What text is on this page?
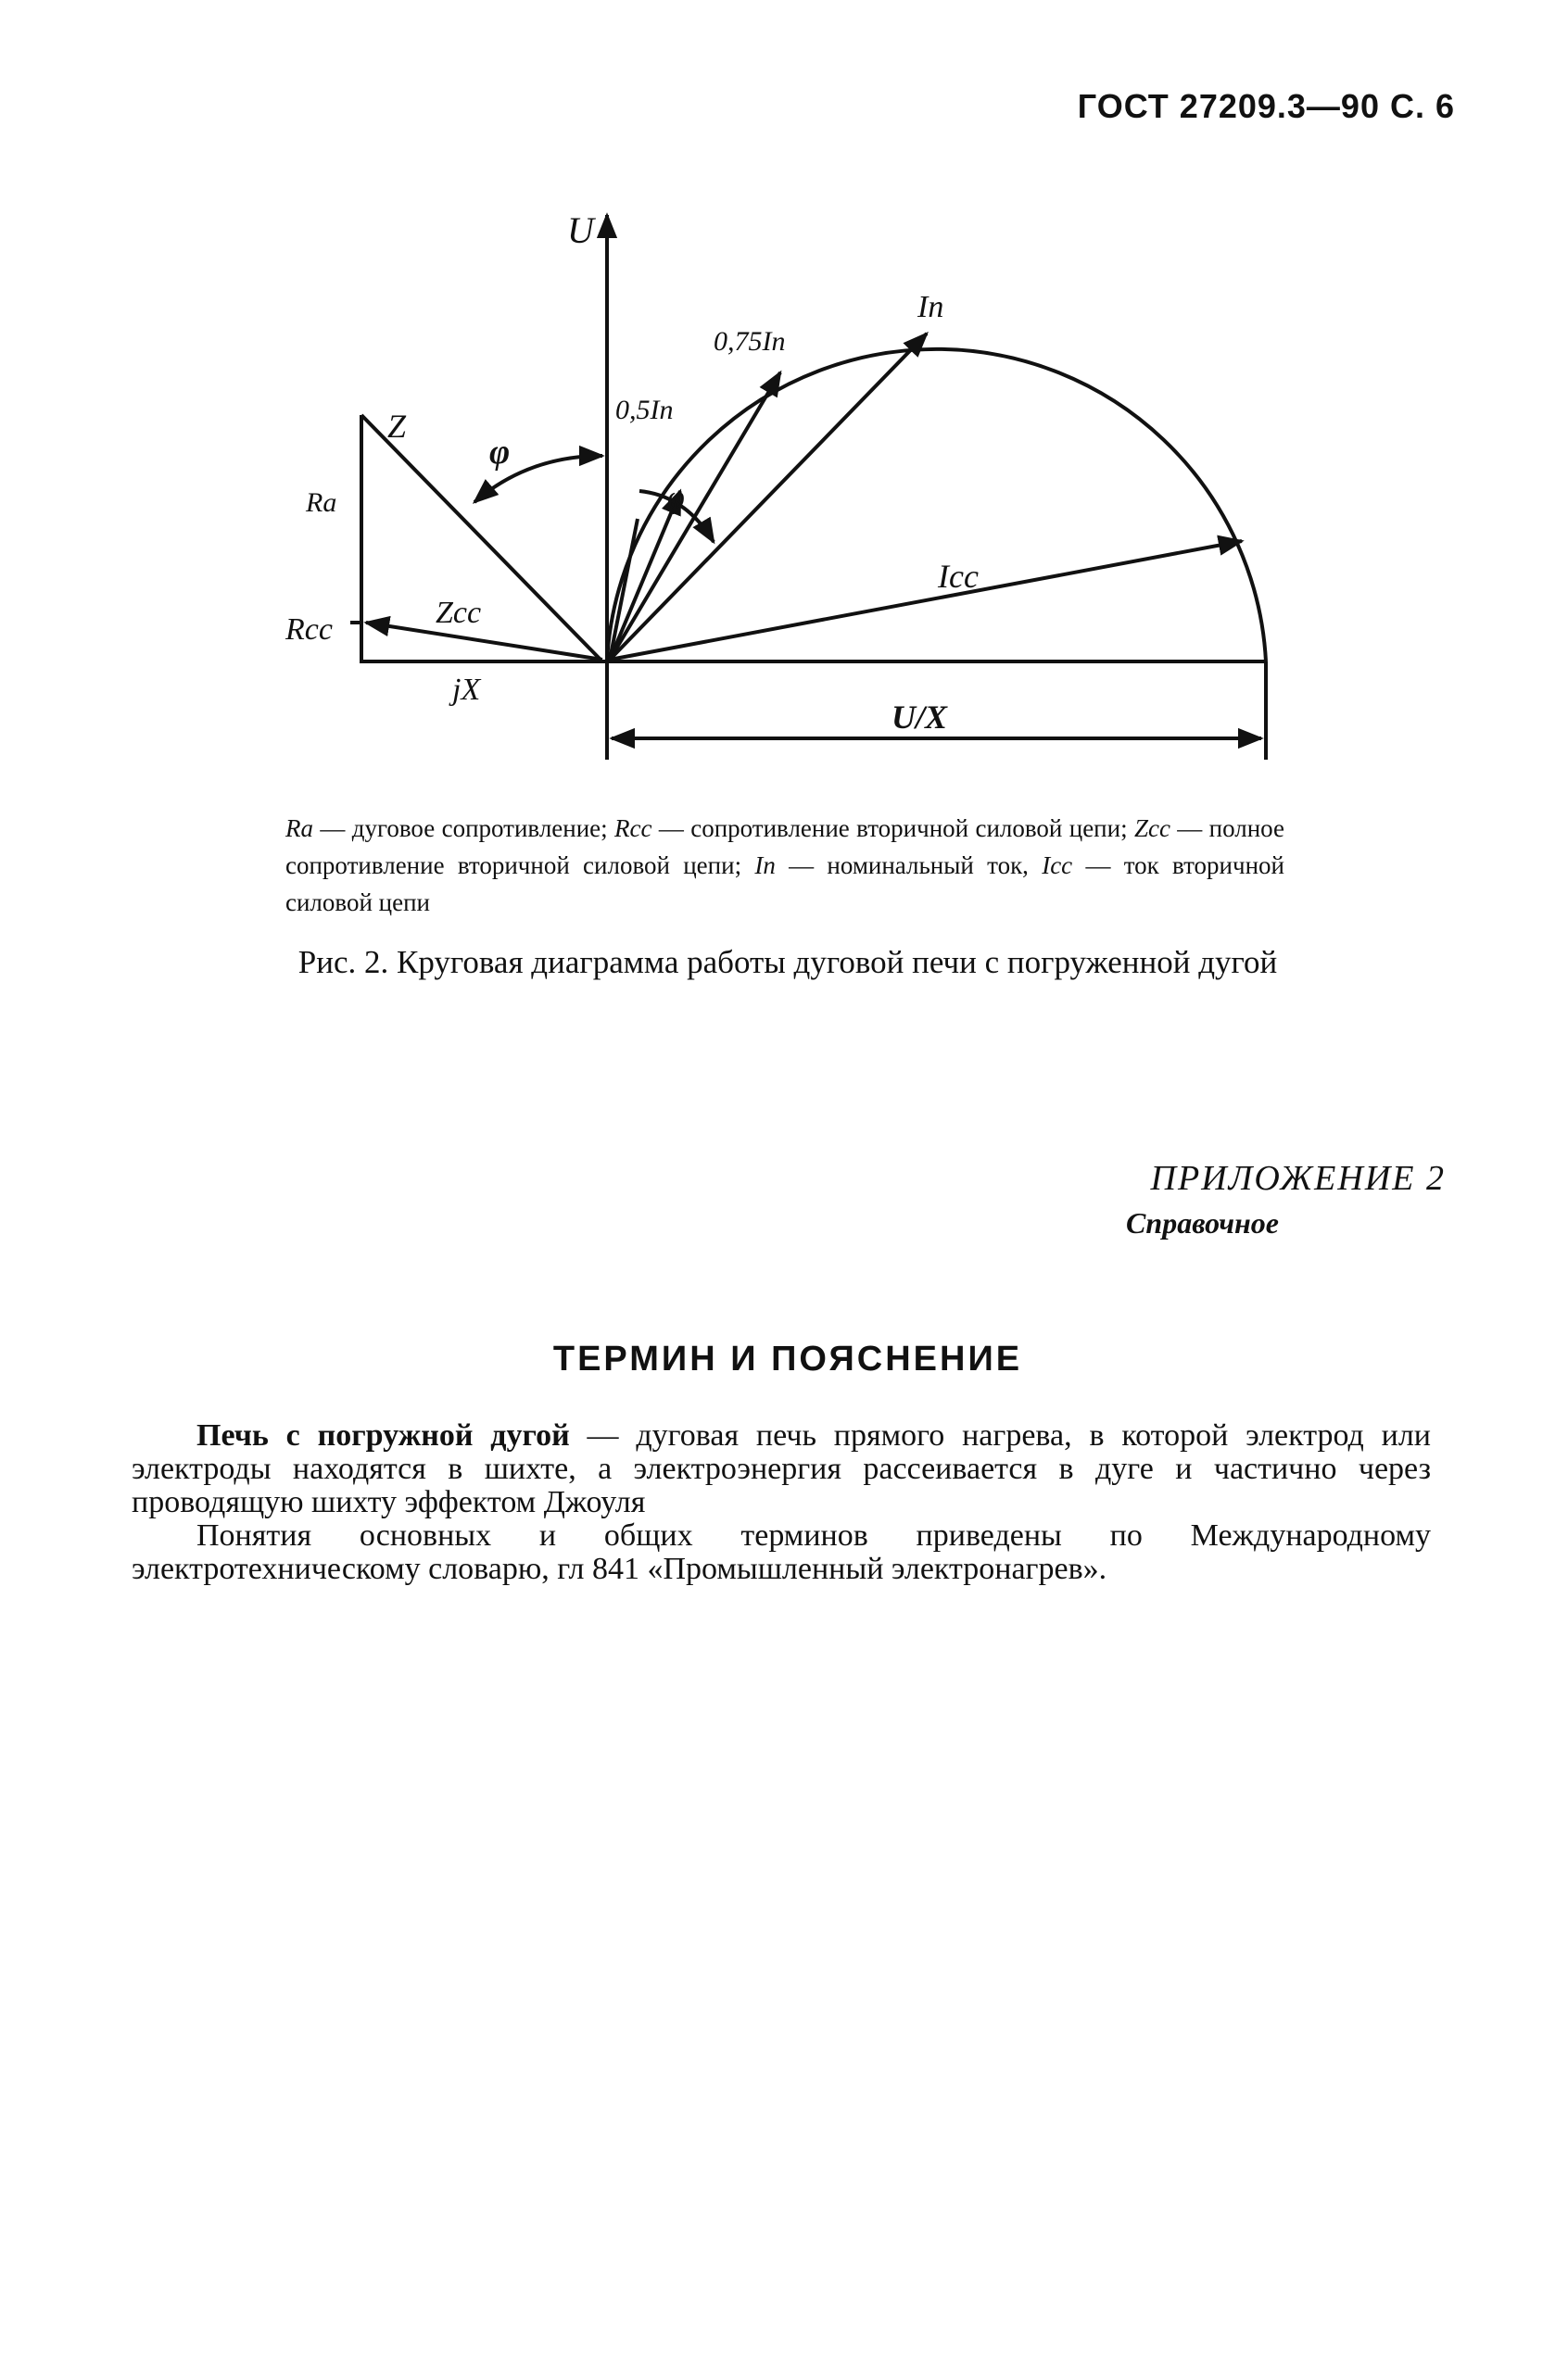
ГОСТ 27209.3—90 С. 6
U
Z
φ
Rа
Rcc	Zcc
jX
0,5Iп
0,75Iп
Iп
φ
Icc
U/X
Rа — дуговое сопротивление; Rcc — сопротивление вторичной силовой цепи; Zcc — полное сопротивление вторичной силовой цепи; Iп — номинальный ток, Icc — ток вторичной силовой цепи
Рис. 2. Круговая диаграмма работы дуговой печи с погруженной дугой
ПРИЛОЖЕНИЕ 2
Справочное
ТЕРМИН И ПОЯСНЕНИЕ

Печь с погружной дугой — дуговая печь прямого нагрева, в которой электрод или электроды находятся в шихте, а электроэнергия рассеивается в дуге и частично через проводящую шихту эффектом Джоуля

Понятия основных и общих терминов приведены по Международному электротехническому словарю, гл 841 «Промышленный электронагрев».
